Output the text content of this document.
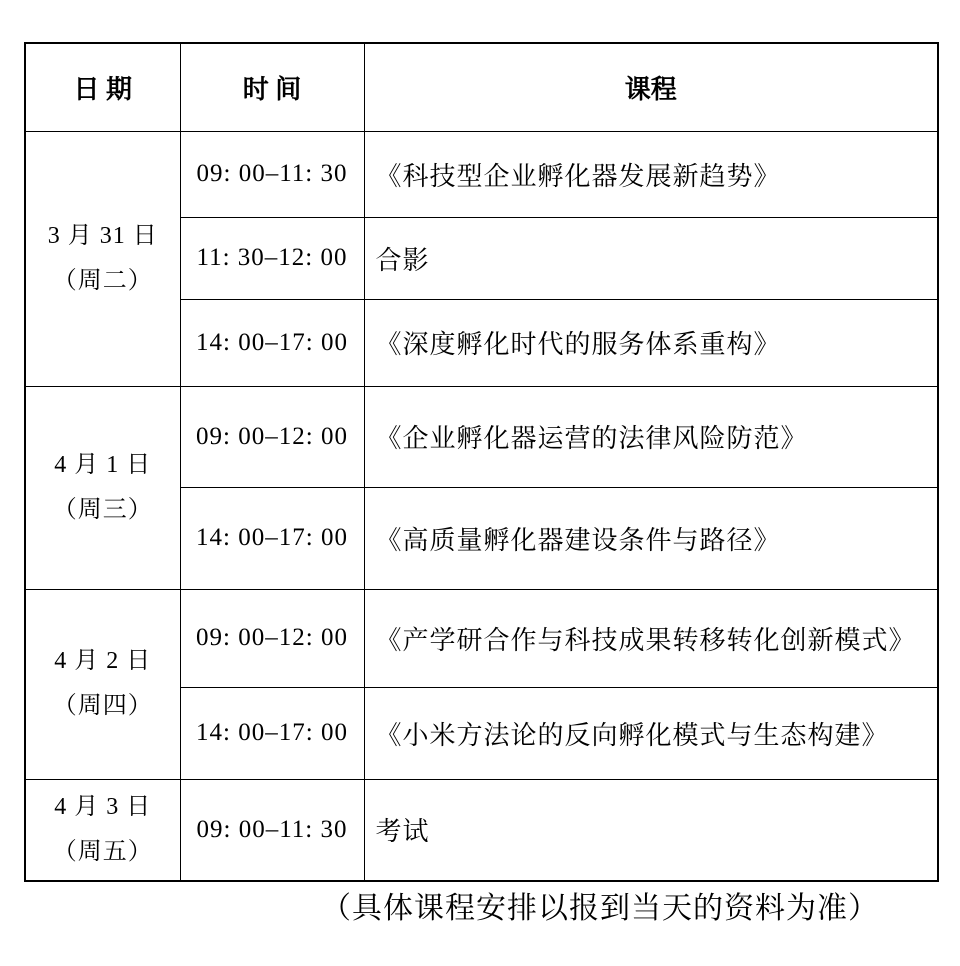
日 期	时 间	课程

3 月 31 日
（周二）	09: 00–11: 30	《科技型企业孵化器发展新趋势》
	11: 30–12: 00	合影
	14: 00–17: 00	《深度孵化时代的服务体系重构》

4 月 1 日
（周三）	09: 00–12: 00	《企业孵化器运营的法律风险防范》
	14: 00–17: 00	《高质量孵化器建设条件与路径》

4 月 2 日
（周四）	09: 00–12: 00	《产学研合作与科技成果转移转化创新模式》
	14: 00–17: 00	《小米方法论的反向孵化模式与生态构建》

4 月 3 日
（周五）	09: 00–11: 30	考试
（具体课程安排以报到当天的资料为准）
